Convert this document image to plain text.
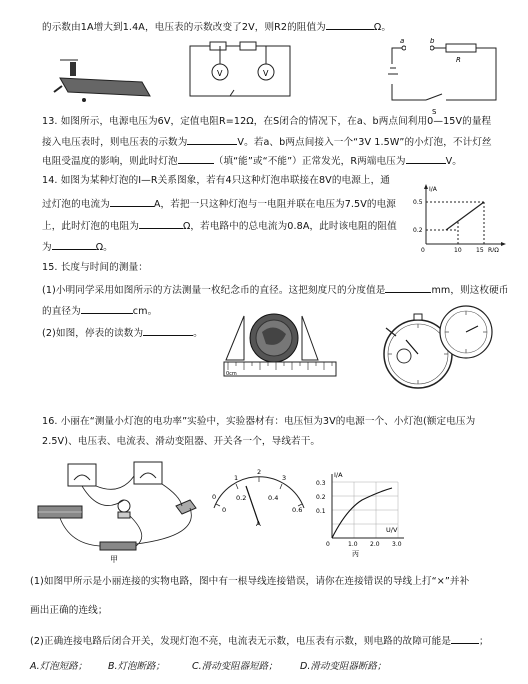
的示数由1A增大到1.4A，电压表的示数改变了2V，则R2的阻值为	Ω。
V	V
a	b
R
S
13. 如图所示，电源电压为6V，定值电阻R=12Ω，在S闭合的情况下，在a、b两点间利用0—15V的量程
接入电压表时，则电压表的示数为	V。若a、b两点间接入一个“3V 1.5W”的小灯泡，不计灯丝
电阻受温度的影响，则此时灯泡	（填“能”或“不能”）正常发光，R两端电压为	V。
14. 如图为某种灯泡的I—R关系图象，若有4只这种灯泡串联接在8V的电源上，通
过灯泡的电流为	A，若把一只这种灯泡与一电阻并联在电压为7.5V的电源
上，此时灯泡的电阻为	Ω，若电路中的总电流为0.8A，此时该电阻的阻值
为	Ω。
I/A
R/Ω
0.5
0.2
0	10 15
15. 长度与时间的测量：
(1)小明同学采用如图所示的方法测量一枚纪念币的直径。这把刻度尺的分度值是	mm，则这枚硬币
的直径为	cm。
(2)如图，停表的读数为	。
0cm
16. 小丽在“测量小灯泡的电功率”实验中，实验器材有：电压恒为3V的电源一个、小灯泡(额定电压为
2.5V)、电压表、电流表、滑动变阻器、开关各一个，导线若干。
甲
0
1
2
3
0
0.2	0.4
0.6
A
I/A
U/V
0.3
0.2
0.1
0	1.0 2.0 3.0
丙
(1)如图甲所示是小丽连接的实物电路，图中有一根导线连接错误，请你在连接错误的导线上打“×”并补
画出正确的连线；
(2)正确连接电路后闭合开关，发现灯泡不亮，电流表无示数，电压表有示数，则电路的故障可能是	；
A.灯泡短路； B.灯泡断路；	C.滑动变阻器短路； D.滑动变阻器断路；
